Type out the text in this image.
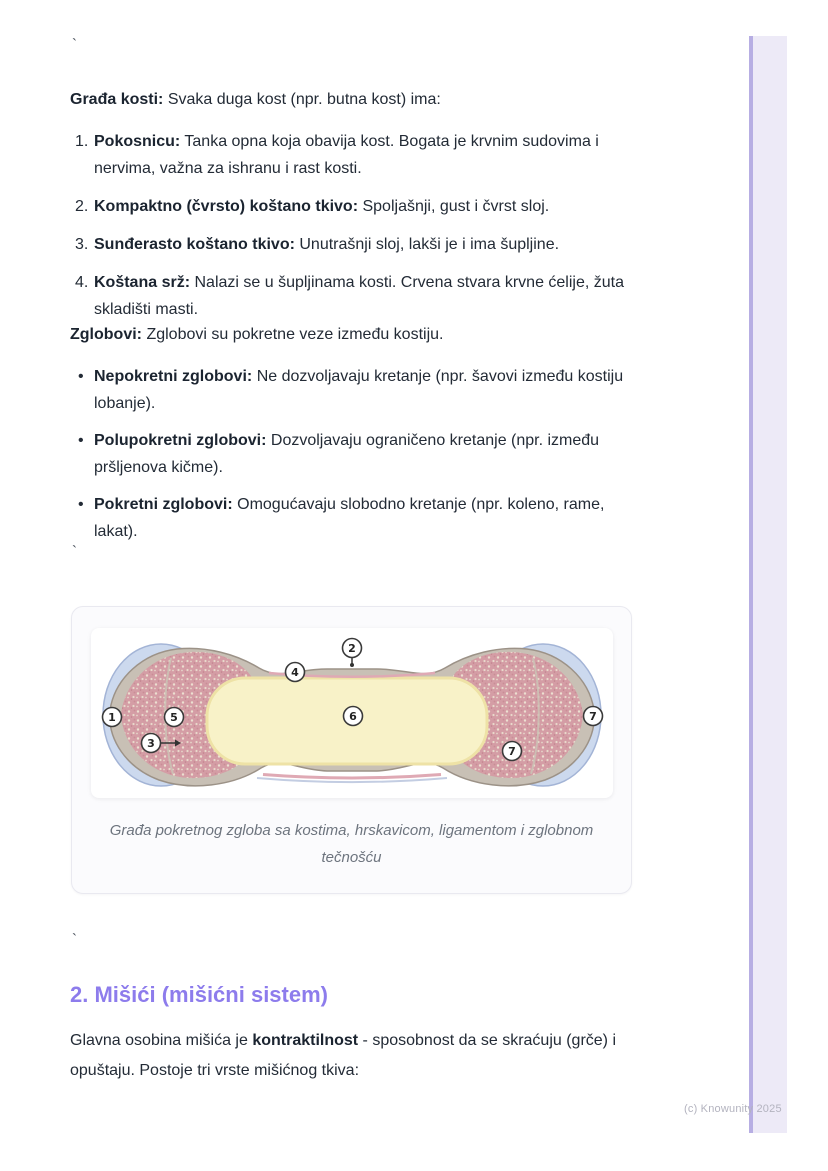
`
Građa kosti: Svaka duga kost (npr. butna kost) ima:
1. Pokosnicu: Tanka opna koja obavija kost. Bogata je krvnim sudovima i nervima, važna za ishranu i rast kosti.
2. Kompaktno (čvrsto) koštano tkivo: Spoljašnji, gust i čvrst sloj.
3. Sunđerasto koštano tkivo: Unutrašnji sloj, lakši je i ima šupljine.
4. Koštana srž: Nalazi se u šupljinama kosti. Crvena stvara krvne ćelije, žuta skladišti masti.
Zglobovi: Zglobovi su pokretne veze između kostiju.
• Nepokretni zglobovi: Ne dozvoljavaju kretanje (npr. šavovi između kostiju lobanje).
• Polupokretni zglobovi: Dozvoljavaju ograničeno kretanje (npr. između pršljenova kičme).
• Pokretni zglobovi: Omogućavaju slobodno kretanje (npr. koleno, rame, lakat).
`
1
2
3
4
5	6	7
7
Građa pokretnog zgloba sa kostima, hrskavicom, ligamentom i zglobnom tečnošću
`
2. Mišići (mišićni sistem)
Glavna osobina mišića je kontraktilnost - sposobnost da se skraćuju (grče) i opuštaju. Postoje tri vrste mišićnog tkiva:
(c) Knowunity 2025
